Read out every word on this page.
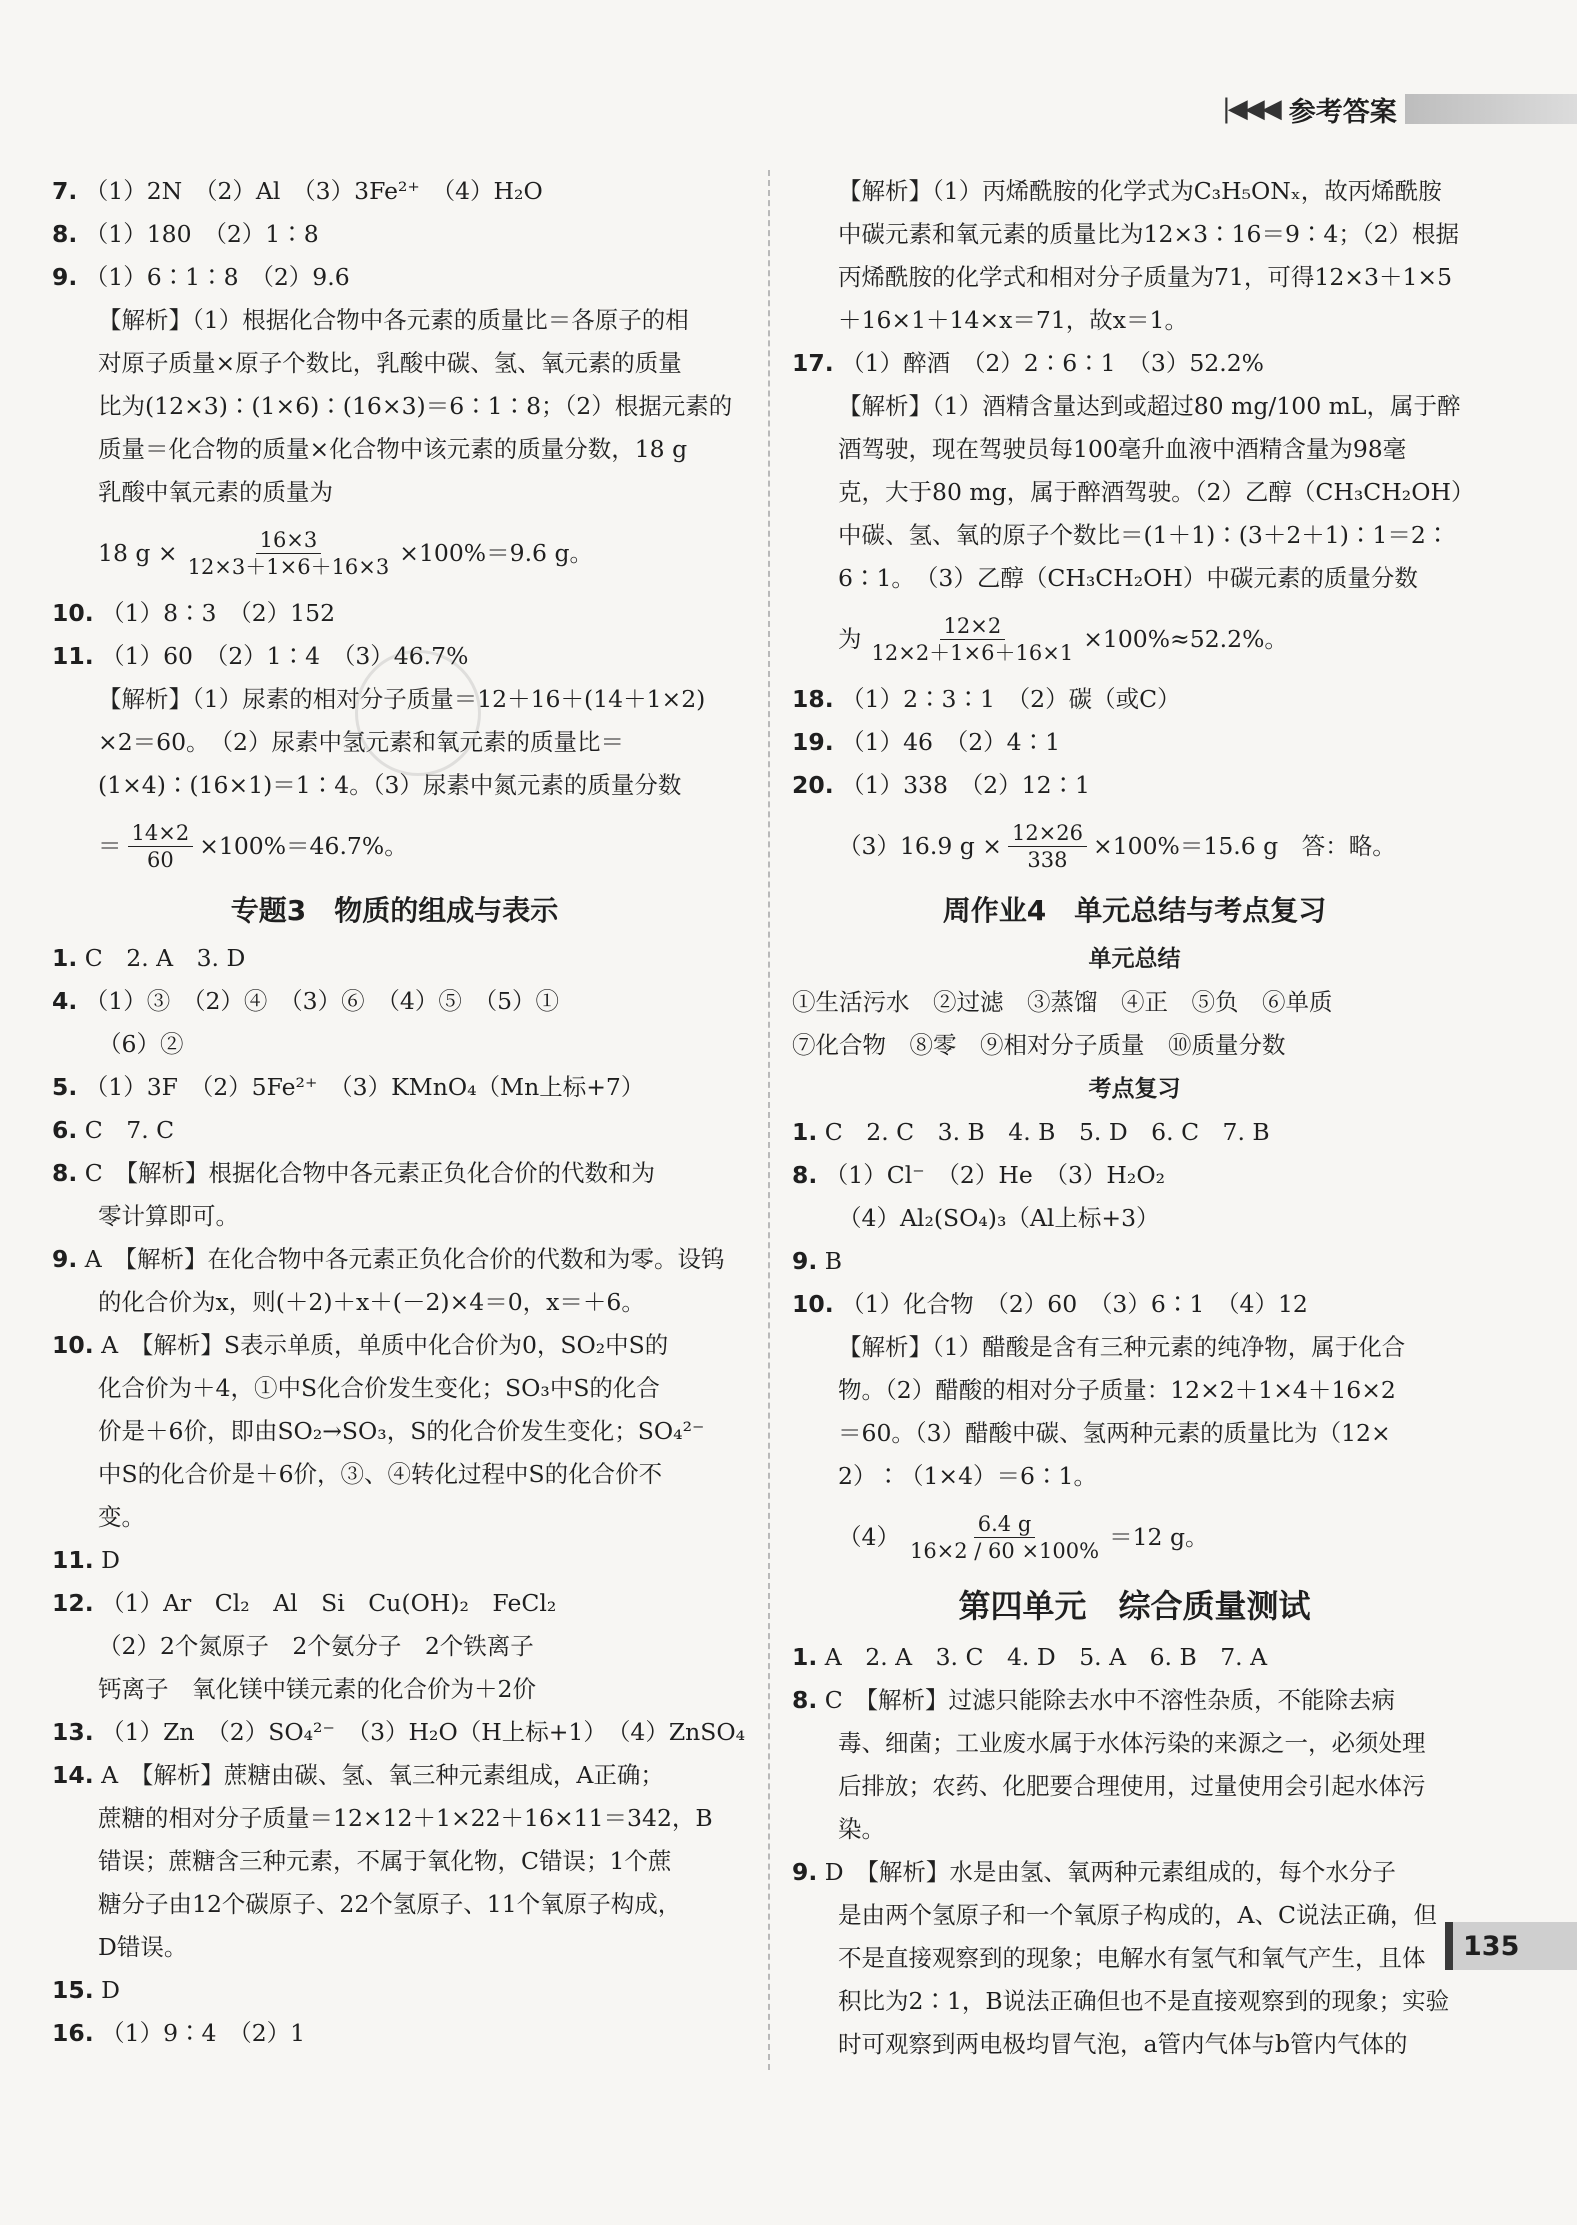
|◀◀◀ 参考答案
7. （1）2N　（2）Al　（3）3Fe²⁺　（4）H₂O
8. （1）180　（2）1∶8
9. （1）6∶1∶8　（2）9.6
【解析】（1）根据化合物中各元素的质量比＝各原子的相
对原子质量×原子个数比，乳酸中碳、氢、氧元素的质量
比为(12×3)∶(1×6)∶(16×3)＝6∶1∶8；（2）根据元素的
质量＝化合物的质量×化合物中该元素的质量分数，18 g
乳酸中氧元素的质量为
18 $g \times \frac{16\times 3}{12\times 3+1\times 6+16\times 3} \times 100\%=9.6$ g。
10. （1）8∶3　（2）152
11. （1）60　（2）1∶4　（3）46.7%
【解析】（1）尿素的相对分子质量＝12＋16＋(14＋1×2)
×2＝60。　（2）尿素中氢元素和氧元素的质量比＝
(1×4)∶(16×1)＝1∶4。（3）尿素中氮元素的质量分数
＝ $\frac{14\times 2}{60} \times 100\%=46.7\%$。
专题3　物质的组成与表示
1. C　2. A　3. D
4. （1）③　（2）④　（3）⑥　（4）⑤　（5）①
（6）②
5. （1）3F　（2）5Fe²⁺　（3）KMnO₄（Mn上标+7）
6. C　7. C
8. C　【解析】根据化合物中各元素正负化合价的代数和为
零计算即可。
9. A　【解析】在化合物中各元素正负化合价的代数和为零。设钨
的化合价为x，则(＋2)＋x＋(－2)×4＝0，x＝＋6。
10. A　【解析】S表示单质，单质中化合价为0，SO₂中S的
化合价为＋4，①中S化合价发生变化；SO₃中S的化合
价是＋6价，即由SO₂→SO₃，S的化合价发生变化；SO₄²⁻
中S的化合价是＋6价，③、④转化过程中S的化合价不
变。
11. D
12. （1）Ar　Cl₂　Al　Si　Cu(OH)₂　FeCl₂
（2）2个氮原子　2个氨分子　2个铁离子
钙离子　氧化镁中镁元素的化合价为＋2价
13. （1）Zn　（2）SO₄²⁻　（3）H₂O（H上标+1）　（4）ZnSO₄
14. A　【解析】蔗糖由碳、氢、氧三种元素组成，A正确；
蔗糖的相对分子质量＝12×12＋1×22＋16×11＝342，B
错误；蔗糖含三种元素，不属于氧化物，C错误；1个蔗
糖分子由12个碳原子、22个氢原子、11个氧原子构成，
D错误。
15. D
16. （1）9∶4　（2）1
【解析】（1）丙烯酰胺的化学式为C₃H₅ONₓ，故丙烯酰胺
中碳元素和氧元素的质量比为12×3∶16＝9∶4；（2）根据
丙烯酰胺的化学式和相对分子质量为71，可得12×3＋1×5
＋16×1＋14×x＝71，故x＝1。
17. （1）醉酒　（2）2∶6∶1　（3）52.2%
【解析】（1）酒精含量达到或超过80 mg/100 mL，属于醉
酒驾驶，现在驾驶员每100毫升血液中酒精含量为98毫
克，大于80 mg，属于醉酒驾驶。（2）乙醇（CH₃CH₂OH）
中碳、氢、氧的原子个数比＝(1＋1)∶(3＋2＋1)∶1＝2∶
6∶1。　（3）乙醇（CH₃CH₂OH）中碳元素的质量分数
为 $\frac{12\times 2}{12\times 2+1\times 6+16\times 1} \times 100\%\approx 52.2\%$。
18. （1）2∶3∶1　（2）碳（或C）
19. （1）46　（2）4∶1
20. （1）338　（2）12∶1
（3）16.9 $g \times \frac{12\times 26}{338} \times 100\%=15.6$ g　答：略。
周作业4　单元总结与考点复习
单元总结
①生活污水　②过滤　③蒸馏　④正　⑤负　⑥单质
⑦化合物　⑧零　⑨相对分子质量　⑩质量分数
考点复习
1. C　2. C　3. B　4. B　5. D　6. C　7. B
8. （1）Cl⁻　（2）He　（3）H₂O₂
（4）Al₂(SO₄)₃（Al上标+3）
9. B
10. （1）化合物　（2）60　（3）6∶1　（4）12
【解析】（1）醋酸是含有三种元素的纯净物，属于化合
物。（2）醋酸的相对分子质量：12×2＋1×4＋16×2
＝60。（3）醋酸中碳、氢两种元素的质量比为（12×
2）∶（1×4）＝6∶1。
$(4) \frac{6.4 g}{16\times 2 / 60 \times 100\%} =12$ g。
第四单元　综合质量测试
1. A　2. A　3. C　4. D　5. A　6. B　7. A
8. C　【解析】过滤只能除去水中不溶性杂质，不能除去病
毒、细菌；工业废水属于水体污染的来源之一，必须处理
后排放；农药、化肥要合理使用，过量使用会引起水体污
染。
9. D　【解析】水是由氢、氧两种元素组成的，每个水分子
是由两个氢原子和一个氧原子构成的，A、C说法正确，但
不是直接观察到的现象；电解水有氢气和氧气产生，且体
积比为2∶1，B说法正确但也不是直接观察到的现象；实验
时可观察到两电极均冒气泡，a管内气体与b管内气体的
135
